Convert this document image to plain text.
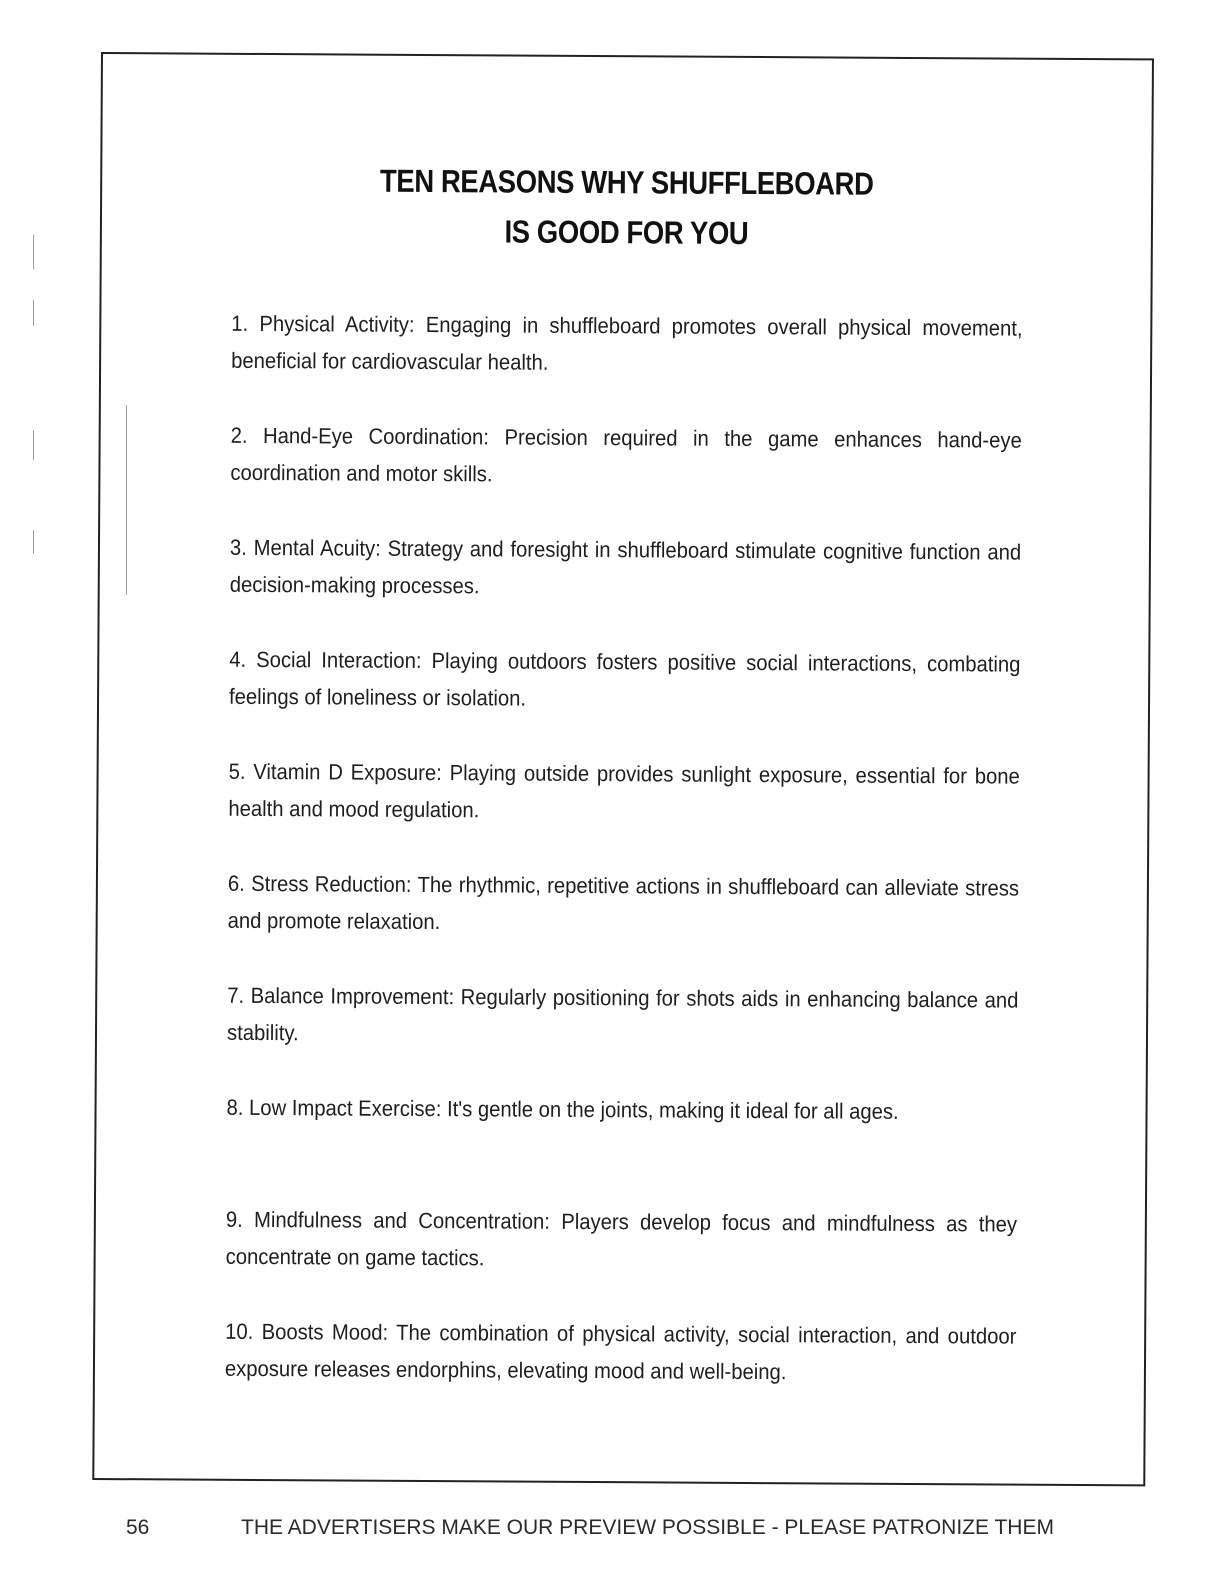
TEN REASONS WHY SHUFFLEBOARD
IS GOOD FOR YOU
1. Physical Activity: Engaging in shuffleboard promotes overall physical movement, beneficial for cardiovascular health.
2. Hand-Eye Coordination: Precision required in the game enhances hand-eye coordination and motor skills.
3. Mental Acuity: Strategy and foresight in shuffleboard stimulate cognitive function and decision-making processes.
4. Social Interaction: Playing outdoors fosters positive social interactions, combating feelings of loneliness or isolation.
5. Vitamin D Exposure: Playing outside provides sunlight exposure, essential for bone health and mood regulation.
6. Stress Reduction: The rhythmic, repetitive actions in shuffleboard can alleviate stress and promote relaxation.
7. Balance Improvement: Regularly positioning for shots aids in enhancing balance and stability.
8. Low Impact Exercise: It's gentle on the joints, making it ideal for all ages.
9. Mindfulness and Concentration: Players develop focus and mindfulness as they concentrate on game tactics.
10. Boosts Mood: The combination of physical activity, social interaction, and outdoor exposure releases endorphins, elevating mood and well-being.
56	THE ADVERTISERS MAKE OUR PREVIEW POSSIBLE - PLEASE PATRONIZE THEM
